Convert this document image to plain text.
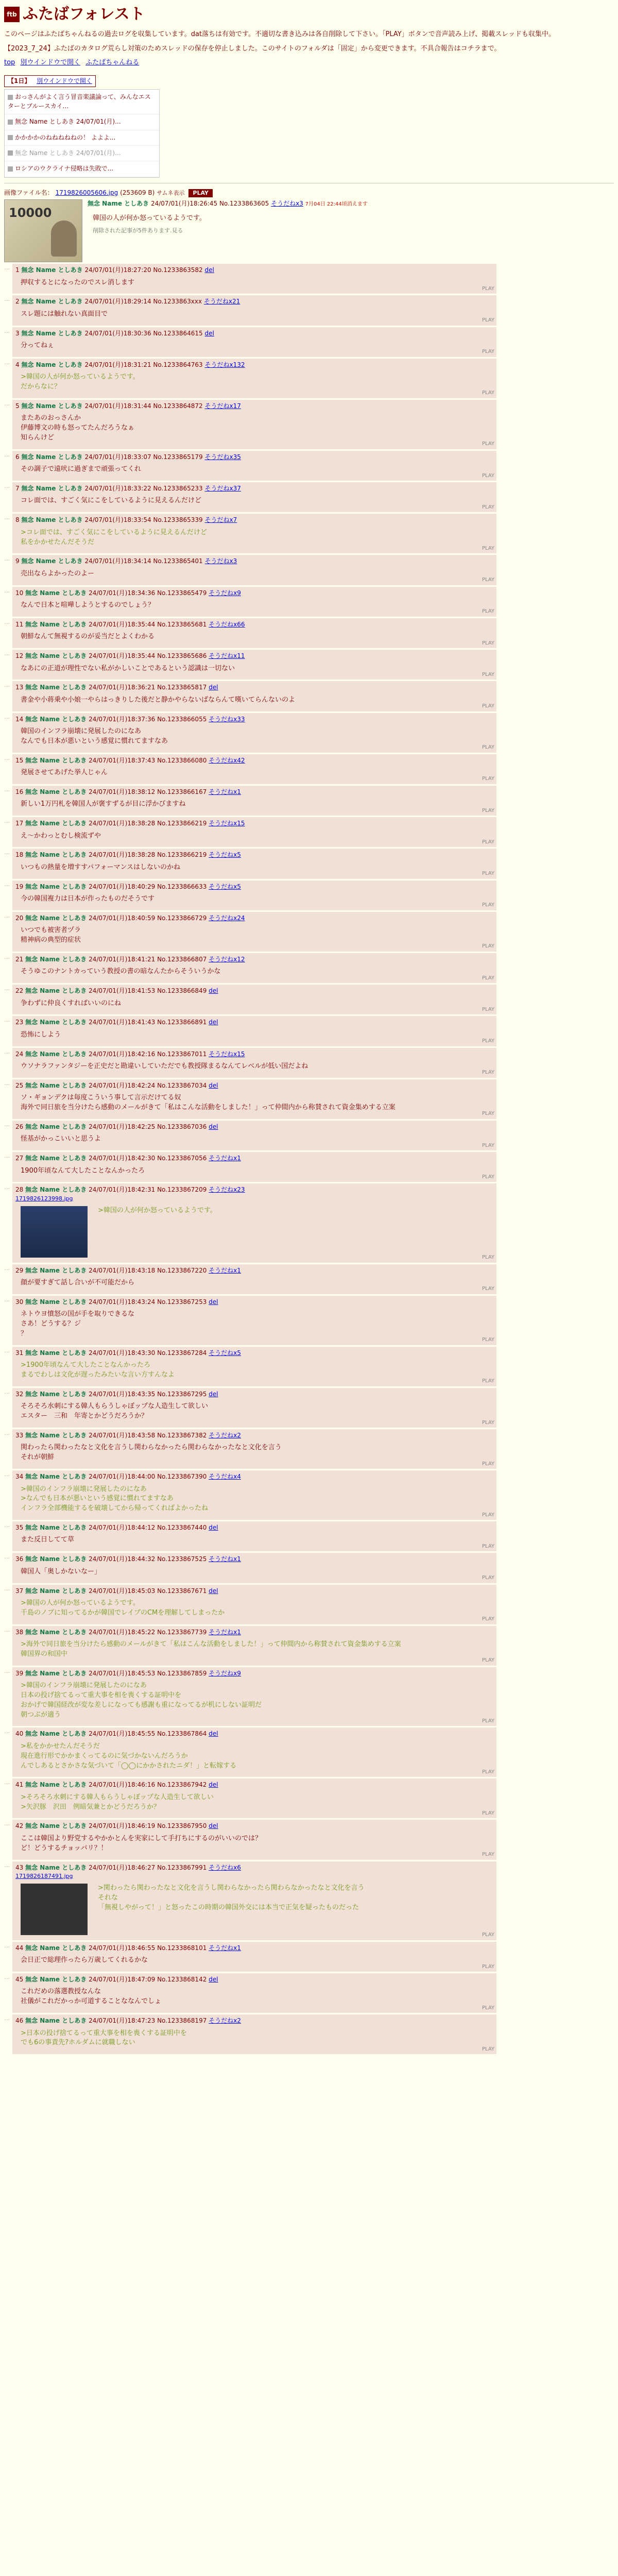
ftb ふたばフォレスト

このページはふたばちゃんねるの過去ログを収集しています。dat落ちは有効です。不適切な書き込みは各自削除して下さい。「PLAY」ボタンで音声読み上げ、掲載スレッドも収集中。

【2023_7_24】ふたばのカタログ荒らし対策のためスレッドの保存を停止しました。このサイトのフォルダは「固定」から変更できます。不具合報告はコチラまで。

top 別ウインドウで開く ふたばちゃんねる
【1日】 別ウインドウで開く
おっさんがよく言う冒音楽議論って、みんなエスターとブルースカイ...
無念 Name としあき 24/07/01(月)...
かかかかのねねねねねの！ よよよ...
無念 Name としあき 24/07/01(月)...
ロシアのウクライナ侵略は失敗で...
画像ファイル名： 1719826005606.jpg (253609 B) サムネ表示 PLAY
10000
無念 Name としあき 24/07/01(月)18:26:45 No.1233863605 そうだねx3 7月04日 22:44頃消えます
韓国の人が何か怒っているようです。
削除された記事が5件あります.見る
… 1 無念 Name としあき 24/07/01(月)18:27:20 No.1233863582 del
押収するとになったのでスレ消します
PLAY
… 2 無念 Name としあき 24/07/01(月)18:29:14 No.1233863xxx そうだねx21
スレ題には触れない真面目で
PLAY
… 3 無念 Name としあき 24/07/01(月)18:30:36 No.1233864615 del
分ってねぇ
PLAY
… 4 無念 Name としあき 24/07/01(月)18:31:21 No.1233864763 そうだねx132
>韓国の人が何か怒っているようです。
だからなに？
PLAY
… 5 無念 Name としあき 24/07/01(月)18:31:44 No.1233864872 そうだねx17
またあのおっさんか
伊藤博文の時も怒ってたんだろうなぁ
知らんけど
PLAY
… 6 無念 Name としあき 24/07/01(月)18:33:07 No.1233865179 そうだねx35
その調子で遠吠に過ぎまで頑張ってくれ
PLAY
… 7 無念 Name としあき 24/07/01(月)18:33:22 No.1233865233 そうだねx37
コレ面では、すごく気にこをしているように見えるんだけど
PLAY
… 8 無念 Name としあき 24/07/01(月)18:33:54 No.1233865339 そうだねx7
>コレ面では、すごく気にこをしているように見えるんだけど
私をかかせたんだそうだ
PLAY
… 9 無念 Name としあき 24/07/01(月)18:34:14 No.1233865401 そうだねx3
売出ならよかったのよー
PLAY
… 10 無念 Name としあき 24/07/01(月)18:34:36 No.1233865479 そうだねx9
なんで日本と喧嘩しようとするのでしょう？
PLAY
… 11 無念 Name としあき 24/07/01(月)18:35:44 No.1233865681 そうだねx66
朝鮮なんて無視するのが妥当だとよくわかる
PLAY
… 12 無念 Name としあき 24/07/01(月)18:35:44 No.1233865686 そうだねx11
なあにの正道が理性でない私がかしいことであるという認識は一切ない
PLAY
… 13 無念 Name としあき 24/07/01(月)18:36:21 No.1233865817 del
書金や小蒋乗や小娘一やらはっきりした後だと静かやらないばならんて嘆いてらんないのよ
PLAY
… 14 無念 Name としあき 24/07/01(月)18:37:36 No.1233866055 そうだねx33
韓国のインフラ崩壊に発展したのになあ
なんでも日本が悪いという感覚に慣れてますなあ
PLAY
… 15 無念 Name としあき 24/07/01(月)18:37:43 No.1233866080 そうだねx42
発展させてあげた挙人じゃん
PLAY
… 16 無念 Name としあき 24/07/01(月)18:38:12 No.1233866167 そうだねx1
新しい1万円札を韓国人が褒すずるが目に浮かびますね
PLAY
… 17 無念 Name としあき 24/07/01(月)18:38:28 No.1233866219 そうだねx15
え〜かわっとむし検流ずや
PLAY
… 18 無念 Name としあき 24/07/01(月)18:38:28 No.1233866219 そうだねx5
いつもの熱量を増すすパフォーマンスはしないのかね
PLAY
… 19 無念 Name としあき 24/07/01(月)18:40:29 No.1233866633 そうだねx5
今の韓国複力は日本が作ったものだそうです
PLAY
… 20 無念 Name としあき 24/07/01(月)18:40:59 No.1233866729 そうだねx24
いつでも被害者ヅラ
精神病の典型的症状
PLAY
… 21 無念 Name としあき 24/07/01(月)18:41:21 No.1233866807 そうだねx12
そうゆこのナントカっていう教授の書の暗なんたからそういうかな
PLAY
… 22 無念 Name としあき 24/07/01(月)18:41:53 No.1233866849 del
争わずに仲良くすればいいのにね
PLAY
… 23 無念 Name としあき 24/07/01(月)18:41:43 No.1233866891 del
恐怖にしよう
PLAY
… 24 無念 Name としあき 24/07/01(月)18:42:16 No.1233867011 そうだねx15
ウソナラファンタジーを正史だと勘違いしていただでも教授隊まるなんてレベルが低い国だよね
PLAY
… 25 無念 Name としあき 24/07/01(月)18:42:24 No.1233867034 del
ソ・ギョンデクは毎度こういう事して言示だけてる奴
海外で同日旅を当分けたら感動のメールがきて「私はこんな活動をしました！」って仲間内から称賛されて資金集めする立案
PLAY
… 26 無念 Name としあき 24/07/01(月)18:42:25 No.1233867036 del
怪基がかっこいいと思うよ
PLAY
… 27 無念 Name としあき 24/07/01(月)18:42:30 No.1233867056 そうだねx1
1900年頃なんて大したことなんかったろ
PLAY
… 28 無念 Name としあき 24/07/01(月)18:42:31 No.1233867209 そうだねx23
1719826123998.jpg
>韓国の人が何か怒っているようです。
PLAY
… 29 無念 Name としあき 24/07/01(月)18:43:18 No.1233867220 そうだねx1
顔が要すぎて話し合いが不可能だから
PLAY
… 30 無念 Name としあき 24/07/01(月)18:43:24 No.1233867253 del
ネトウヨ憤怒の国が手を取りできるな
さあ！どうする？ジ
？
PLAY
… 31 無念 Name としあき 24/07/01(月)18:43:30 No.1233867284 そうだねx5
>1900年頃なんて大したことなんかったろ
まるでわしは文化が遅ったみたいな言い方すんなよ
PLAY
… 32 無念 Name としあき 24/07/01(月)18:43:35 No.1233867295 del
そろそろ水刺にする韓人もらうしゃぼップな人造生して欲しい
エスター　三和　年寄とかどうだろうか？
PLAY
… 33 無念 Name としあき 24/07/01(月)18:43:58 No.1233867382 そうだねx2
関わったら関わったなと文化を言うし関わらなかったら関わらなかったなと文化を言う
それが朝鮮
PLAY
… 34 無念 Name としあき 24/07/01(月)18:44:00 No.1233867390 そうだねx4
>韓国のインフラ崩壊に発展したのになあ
>なんでも日本が悪いという感覚に慣れてますなあ
インフラ全部機能するを破壊してから帰ってくればよかったね
PLAY
… 35 無念 Name としあき 24/07/01(月)18:44:12 No.1233867440 del
また反日してて草
PLAY
… 36 無念 Name としあき 24/07/01(月)18:44:32 No.1233867525 そうだねx1
韓国人「奥しかないなー」
PLAY
… 37 無念 Name としあき 24/07/01(月)18:45:03 No.1233867671 del
>韓国の人が何か怒っているようです。
千島のノブに知ってるかが韓国でレイプのCMを理解してしまったか
PLAY
… 38 無念 Name としあき 24/07/01(月)18:45:22 No.1233867739 そうだねx1
>海外で同日旅を当分けたら感動のメールがきて「私はこんな活動をしました！」って仲間内から称賛されて資金集めする立案
韓国界の和国中
PLAY
… 39 無念 Name としあき 24/07/01(月)18:45:53 No.1233867859 そうだねx9
>韓国のインフラ崩壊に発展したのになあ
日本の投げ捨てるって重大事を相を喪くする証明中を
おかげで韓国経改が変な差しになっても感謝も重になってるが机にしない証明だ
朝つぶが適う
PLAY
… 40 無念 Name としあき 24/07/01(月)18:45:55 No.1233867864 del
>私をかかせたんだそうだ
現在進行形でかかまくってるのに気づかないんだろうか
んでしあるとさかさな気づいて「◯◯にかかされたニダ！」と転嫁する
PLAY
… 41 無念 Name としあき 24/07/01(月)18:46:16 No.1233867942 del
>そろそろ水刺にする韓人もらうしゃぼップな人造生して欲しい
>矢沢豚　沢田　例暗気兼とかどうだろうか？
PLAY
… 42 無念 Name としあき 24/07/01(月)18:46:19 No.1233867950 del
ここは韓国より野党するやかかとんを実家にして手打ちにするのがいいのでは？
ど！どうするチョッパリ？！
PLAY
… 43 無念 Name としあき 24/07/01(月)18:46:27 No.1233867991 そうだねx6
1719826187491.jpg
>関わったら関わったなと文化を言うし関わらなかったら関わらなかったなと文化を言う
それな
「無視しやがって！」と怒ったこの時期の韓国外交には本当で正気を疑ったものだった
PLAY
… 44 無念 Name としあき 24/07/01(月)18:46:55 No.1233868101 そうだねx1
会日正で総理作ったら万歳してくれるかな
PLAY
… 45 無念 Name としあき 24/07/01(月)18:47:09 No.1233868142 del
これだめの落選教授なんな
社儀がこれだかっか可道することななんでしょ
PLAY
… 46 無念 Name としあき 24/07/01(月)18:47:23 No.1233868197 そうだねx2
>日本の投げ捨てるって重大事を相を喪くする証明中を
でも6の事責先?ホルダムに就職しない
PLAY
